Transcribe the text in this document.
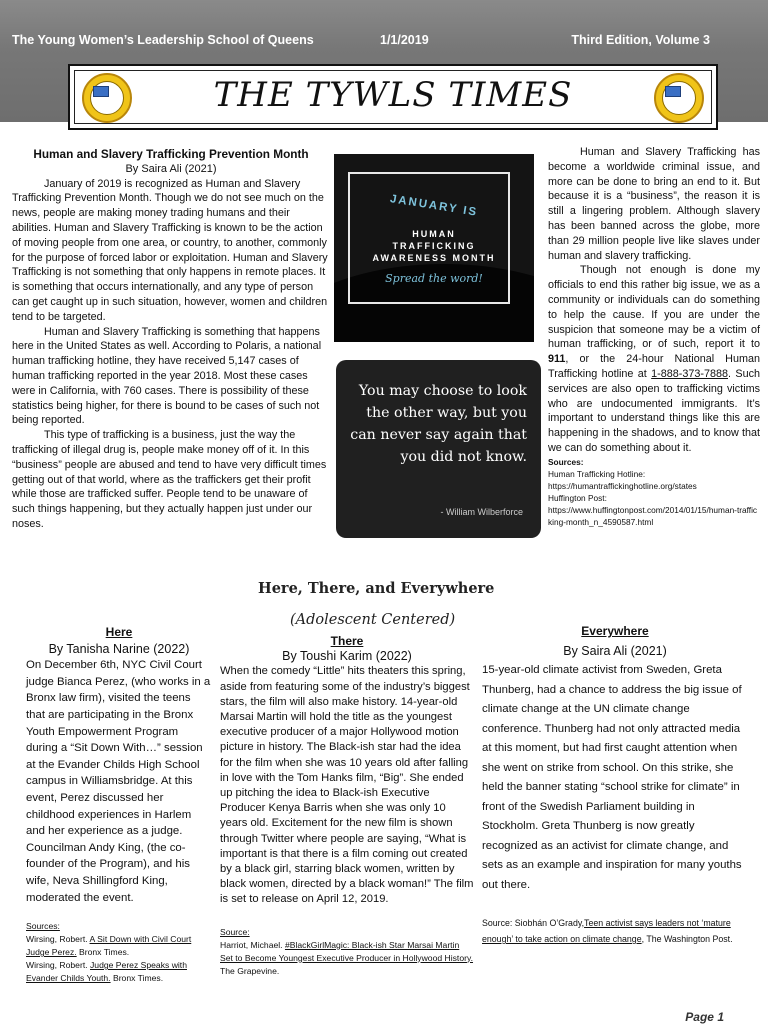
The Young Women’s Leadership School of Queens	1/1/2019	Third Edition, Volume 3
THE TYWLS TIMES
Human and Slavery Trafficking Prevention Month
By Saira Ali (2021)

January of 2019 is recognized as Human and Slavery Trafficking Prevention Month. Though we do not see much on the news, people are making money trading humans and their abilities. Human and Slavery Trafficking is known to be the action of moving people from one area, or country, to another, commonly for the purpose of forced labor or exploitation. Human and Slavery Trafficking is not something that only happens in remote places. It is something that occurs internationally, and any type of person can get caught up in such situation, however, women and children tend to be targeted.

Human and Slavery Trafficking is something that happens here in the United States as well. According to Polaris, a national human trafficking hotline, they have received 5,147 cases of human trafficking reported in the year 2018. Most these cases were in California, with 760 cases. There is possibility of these statistics being higher, for there is bound to be cases of such not being reported.

This type of trafficking is a business, just the way the trafficking of illegal drug is, people make money off of it. In this “business” people are abused and tend to have very difficult times getting out of that world, where as the traffickers get their profit while those are trafficked suffer. People tend to be unaware of such things happening, but they actually happen just under our noses.

JANUARY IS
HUMAN
TRAFFICKING
AWARENESS MONTH
Spread the word!
You may choose to look the other way, but you can never say again that you did not know.
- William Wilberforce

Human and Slavery Trafficking has become a worldwide criminal issue, and more can be done to bring an end to it. But because it is a “business”, the reason it is still a lingering problem. Although slavery has been banned across the globe, more than 29 million people live like slaves under human and slavery trafficking.

Though not enough is done my officials to end this rather big issue, we as a community or individuals can do something to help the cause. If you are under the suspicion that someone may be a victim of human trafficking, or of such, report it to 911, or the 24-hour National Human Trafficking hotline at 1-888-373-7888. Such services are also open to trafficking victims who are undocumented immigrants. It’s important to understand things like this are happening in the shadows, and to know that we can do something about it.

Sources:
Human Trafficking Hotline:
https://humantraffickinghotline.org/states
Huffington Post:
https://www.huffingtonpost.com/2014/01/15/human-trafficking-month_n_4590587.html
Here, There, and Everywhere
(Adolescent Centered)
Here
By Tanisha Narine (2022)

On December 6th, NYC Civil Court judge Bianca Perez, (who works in a Bronx law firm), visited the teens that are participating in the Bronx Youth Empowerment Program during a “Sit Down With…” session at the Evander Childs High School campus in Williamsbridge. At this event, Perez discussed her childhood experiences in Harlem and her experience as a judge. Councilman Andy King, (the co-founder of the Program), and his wife, Neva Shillingford King, moderated the event.

Sources:
Wirsing, Robert. A Sit Down with Civil Court Judge Perez. Bronx Times.
Wirsing, Robert. Judge Perez Speaks with Evander Childs Youth. Bronx Times.
There
By Toushi Karim (2022)

When the comedy “Little” hits theaters this spring, aside from featuring some of the industry’s biggest stars, the film will also make history. 14-year-old Marsai Martin will hold the title as the youngest executive producer of a major Hollywood motion picture in history. The Black-ish star had the idea for the film when she was 10 years old after falling in love with the Tom Hanks film, “Big”. She ended up pitching the idea to Black-ish Executive Producer Kenya Barris when she was only 10 years old. Excitement for the new film is shown through Twitter where people are saying, “What is important is that there is a film coming out created by a black girl, starring black women, written by black women, directed by a black woman!” The film is set to release on April 12, 2019.

Source:
Harriot, Michael. #BlackGirlMagic: Black-ish Star Marsai Martin Set to Become Youngest Executive Producer in Hollywood History. The Grapevine.
Everywhere
By Saira Ali (2021)

15-year-old climate activist from Sweden, Greta Thunberg, had a chance to address the big issue of climate change at the UN climate change conference. Thunberg had not only attracted media at this moment, but had first caught attention when she went on strike from school. On this strike, she held the banner stating “school strike for climate” in front of the Swedish Parliament building in Stockholm. Greta Thunberg is now greatly recognized as an activist for climate change, and sets as an example and inspiration for many youths out there.

Source: Siobhán O’Grady,Teen activist says leaders not ‘mature enough’ to take action on climate change, The Washington Post.
Page 1
